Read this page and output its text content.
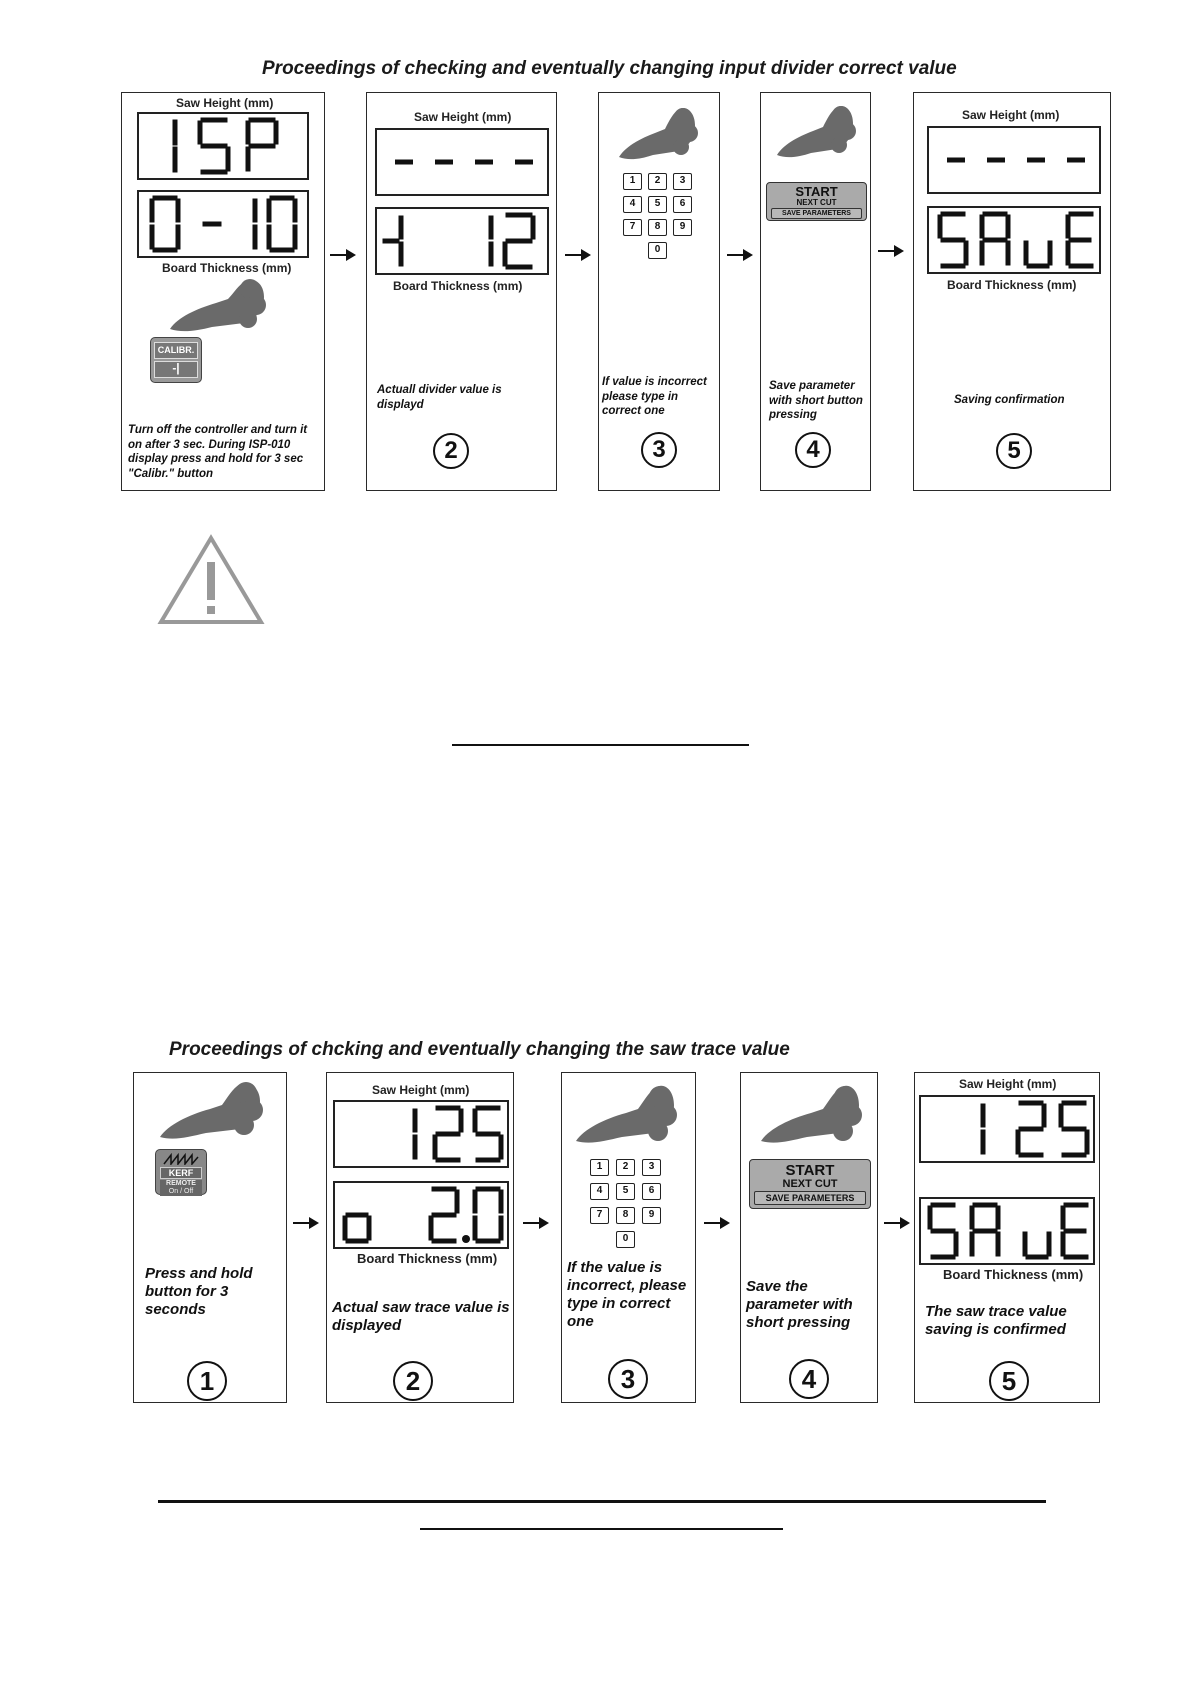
Proceedings of checking and eventually changing input divider correct value
Saw Height (mm)
Board Thickness (mm)
CALIBR.
-|
Turn off the controller and turn it on after 3 sec. During ISP-010 display press and hold for 3 sec "Calibr." button
Saw Height (mm)
Board Thickness (mm)
Actuall divider value is displayd
2
1	2	3
4	5	6
7	8	9
0
If value is incorrect please type in correct one
3
START
NEXT CUT
SAVE PARAMETERS
Save parameter with short button pressing
4
Saw Height (mm)
Board Thickness (mm)
Saving confirmation
5
Proceedings of chcking and eventually changing the saw trace value
KERF
REMOTE
On / Off
Press and hold button for 3 seconds
1
Saw Height (mm)
Board Thickness (mm)
Actual saw trace value is displayed
2
1	2	3
4	5	6
7	8	9
0
If the value is incorrect, please type in correct one
3
START
NEXT CUT
SAVE PARAMETERS
Save the parameter with short pressing
4
Saw Height (mm)
Board Thickness (mm)
The saw trace value saving is confirmed
5
